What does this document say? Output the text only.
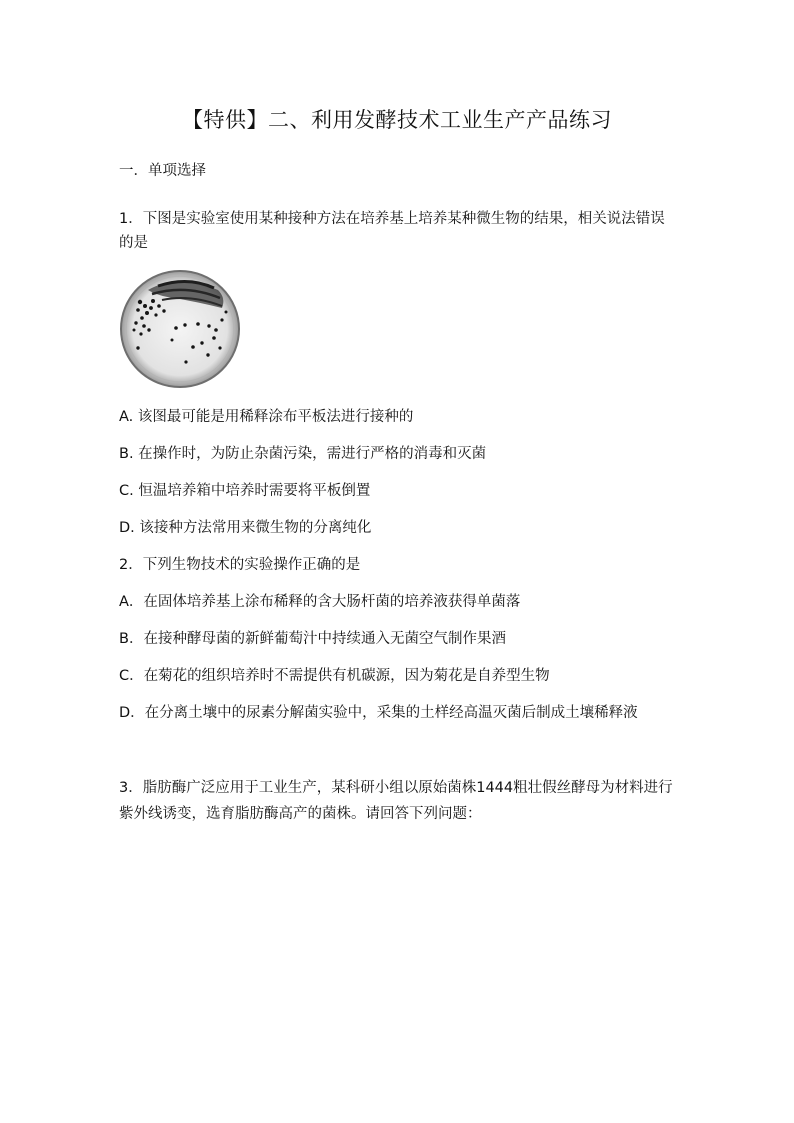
【特供】二、利用发酵技术工业生产产品练习
一．单项选择
1．下图是实验室使用某种接种方法在培养基上培养某种微生物的结果，相关说法错误
的是
A. 该图最可能是用稀释涂布平板法进行接种的
B. 在操作时，为防止杂菌污染，需进行严格的消毒和灭菌
C. 恒温培养箱中培养时需要将平板倒置
D. 该接种方法常用来微生物的分离纯化
2．下列生物技术的实验操作正确的是
A．在固体培养基上涂布稀释的含大肠杆菌的培养液获得单菌落
B．在接种酵母菌的新鲜葡萄汁中持续通入无菌空气制作果酒
C．在菊花的组织培养时不需提供有机碳源，因为菊花是自养型生物
D．在分离土壤中的尿素分解菌实验中，采集的土样经高温灭菌后制成土壤稀释液
3．脂肪酶广泛应用于工业生产，某科研小组以原始菌株1444粗壮假丝酵母为材料进行
紫外线诱变，选育脂肪酶高产的菌株。请回答下列问题：
